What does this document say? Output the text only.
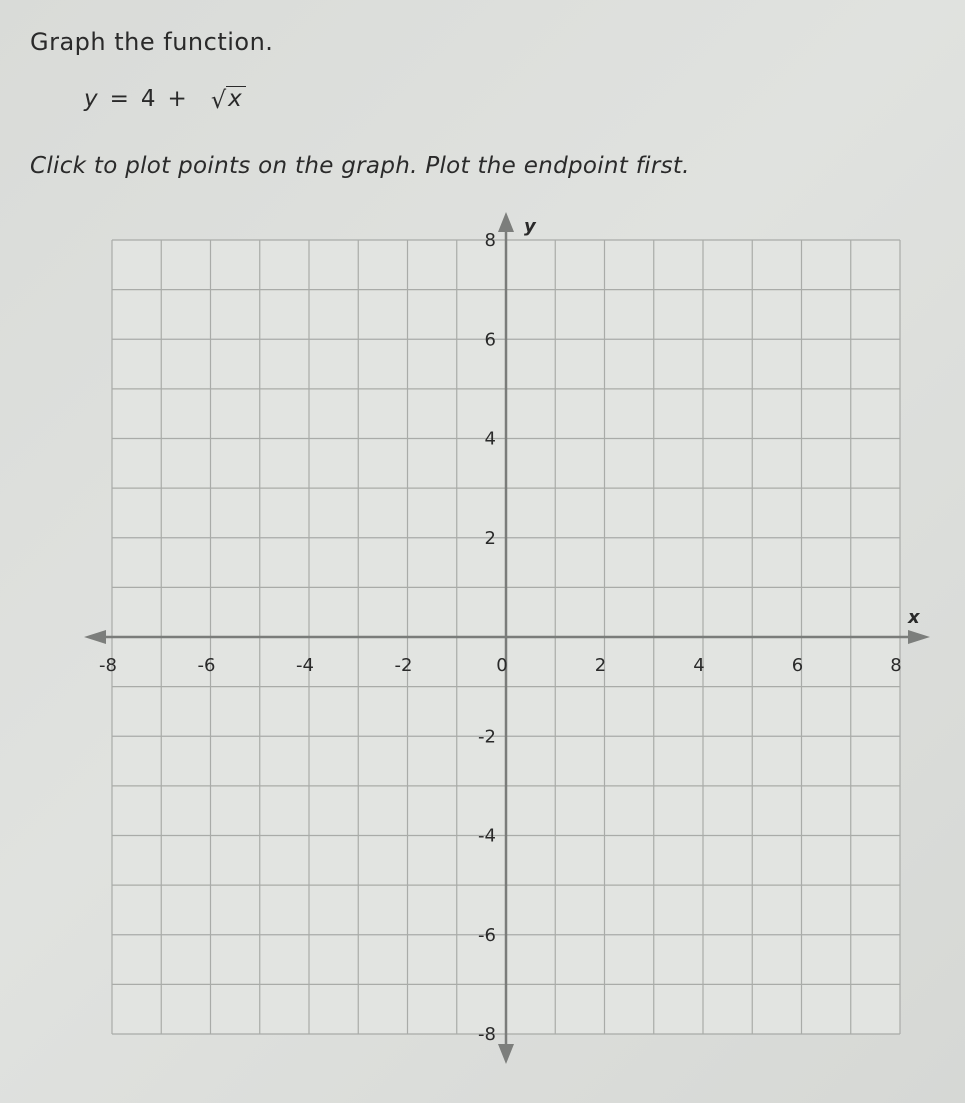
Graph the function.
y = 4 + √ x
Click to plot points on the graph. Plot the endpoint first.
x
y
-8	-6	-4	-2	0	2	4	6	8
8
6
4
2
-2
-4
-6
-8
